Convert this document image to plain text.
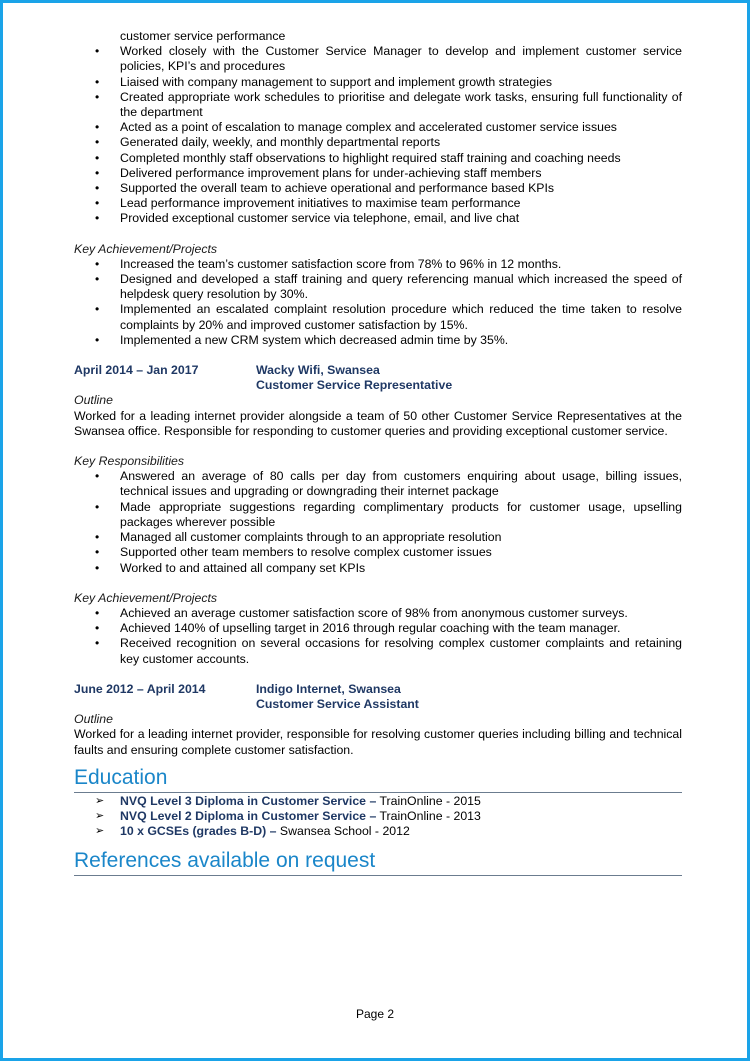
customer service performance

• Worked closely with the Customer Service Manager to develop and implement customer service policies, KPI’s and procedures
• Liaised with company management to support and implement growth strategies
• Created appropriate work schedules to prioritise and delegate work tasks, ensuring full functionality of the department
• Acted as a point of escalation to manage complex and accelerated customer service issues
• Generated daily, weekly, and monthly departmental reports
• Completed monthly staff observations to highlight required staff training and coaching needs
• Delivered performance improvement plans for under-achieving staff members
• Supported the overall team to achieve operational and performance based KPIs
• Lead performance improvement initiatives to maximise team performance
• Provided exceptional customer service via telephone, email, and live chat
Key Achievement/Projects
• Increased the team’s customer satisfaction score from 78% to 96% in 12 months.
• Designed and developed a staff training and query referencing manual which increased the speed of helpdesk query resolution by 30%.
• Implemented an escalated complaint resolution procedure which reduced the time taken to resolve complaints by 20% and improved customer satisfaction by 15%.
• Implemented a new CRM system which decreased admin time by 35%.
April 2014 – Jan 2017	Wacky Wifi, Swansea
Customer Service Representative
Outline

Worked for a leading internet provider alongside a team of 50 other Customer Service Representatives at the Swansea office. Responsible for responding to customer queries and providing exceptional customer service.

Key Responsibilities
• Answered an average of 80 calls per day from customers enquiring about usage, billing issues, technical issues and upgrading or downgrading their internet package
• Made appropriate suggestions regarding complimentary products for customer usage, upselling packages wherever possible
• Managed all customer complaints through to an appropriate resolution
• Supported other team members to resolve complex customer issues
• Worked to and attained all company set KPIs
Key Achievement/Projects
• Achieved an average customer satisfaction score of 98% from anonymous customer surveys.
• Achieved 140% of upselling target in 2016 through regular coaching with the team manager.
• Received recognition on several occasions for resolving complex customer complaints and retaining key customer accounts.
June 2012 – April 2014	Indigo Internet, Swansea
Customer Service Assistant
Outline

Worked for a leading internet provider, responsible for resolving customer queries including billing and technical faults and ensuring complete customer satisfaction.

Education
➢ NVQ Level 3 Diploma in Customer Service – TrainOnline - 2015
➢ NVQ Level 2 Diploma in Customer Service – TrainOnline - 2013
➢ 10 x GCSEs (grades B-D) – Swansea School - 2012
References available on request
Page 2
